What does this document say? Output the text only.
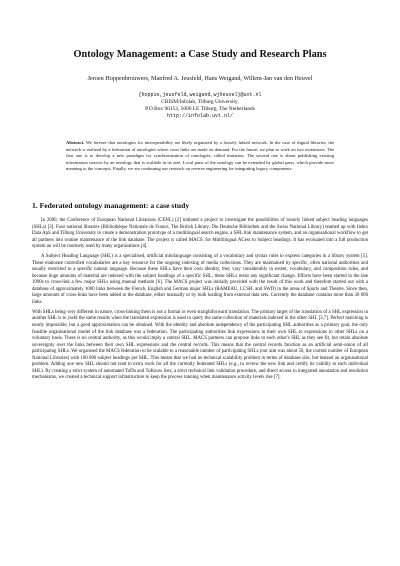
Ontology Management: a Case Study and Research Plans
Jeroen Hoppenbrouwers, Manfred A. Jeusfeld, Hans Weigand, Willem-Jan van den Heuvel
{hoppie,jeusfeld,weigand,wjheuvel}@uvt.nl
CRISM/Infolab, Tilburg University,
P.O.Box 90153, 5000 LE Tilburg, The Netherlands
http://infolab.uvt.nl/
Abstract. We foresee that ontologies for interoperability are likely organized by a loosely linked network. In the case of digital libraries, the network is realized by a federation of ontologies where cross links are made on demand. For the future, we plan to work on two extensions. The first one is to develop a new paradigm for synchronization of ontologies, called imitation. The second one is about publishing existing information sources by an ontology that is scalable in its size. Local parts of the ontology can be extended by global parts, which provide more meaning to the concepts. Finally, we are continuing our research on reverse engineering for integrating legacy components.
1. Federated ontology management: a case study

In 2000, the Conference of European National Librarians (CENL) [2] initiated a project to investigate the possibilities of loosely linked subject heading languages (SHLs) [3]. Four national libraries (Bibliothèque Nationale de France, The British Library, Die Deutsche Bibliothek and the Swiss National Library) teamed up with Index Data ApS and Tilburg University to create a demonstration prototype of a multilingual search engine, a SHL link maintenance system, and an organisational workflow to get all partners into routine maintenance of the link database. The project is called MACS, for Multilingual ACess to Subject headings. It has evoluated into a full production system an will be routinely used by many organisations [4].

A Subject Heading Language (SHL) is a specialised, artificial minilanguage consisting of a vocabulary and syntax rules to express categories in a library system [5]. These elaborate controlled vocabularies are a key resource for the ongoing indexing of media collections. They are maintained by specific, often national authorities and usually restricted to a specific natural language. Because these SHLs have their own identity, they vary considerably in extent, vocabulary, and composition rules, and because huge amounts of material are indexed with the subject headings of a specific SHL, these SHLs resist any significant change. Efforts have been started in the late 1990s to cross-link a few major SHLs using manual methods [6]. The MACS project was initially provided with the result of this work and therefore started out with a database of approximately 1000 links between the French, English and German major SHLs (RAMEAU, LCSH, and SWD) in the areas of Sports and Theatre. Since then, large amounts of cross-links have been added to the database, either manually or by bulk loading from external data sets. Currently the database contains more than 30 000 links.

With SHLs being very different in nature, cross-linking them is not a formal or even straightforward translation. The primary target of the translation of a SHL expression in another SHL is to yield the same results when the translated expression is used to query the same collection of materials indexed in the other SHL [3,7]. Perfect matching is nearly impossible, but a good approximation can be obtained. With the identity and absolute independency of the participating SHL authorities as a primary goal, the only feasible organisational model of the link database was a federation. The participating authorities link expressions in their own SHL to expressions in other SHLs on a voluntary basis. There is no central authority, as this would imply a central SHL. MACS partners can propose links to each other's SHL as they see fit, but retain absolute sovereignty over the links between their own SHL expressions and the central records. This means that the central records function as an artificial semi-union of all participating SHLs. We organised the MACS federation to be scalable to a reasonable number of participating SHLs (our aim was about 50, the current number of European National Libraries) with 100 000 subject headings per SHL. This meant that we had no technical scalability problem in terms of database size, but instead an organisational problem. Adding one new SHL should not lead to extra work for all the currently federated SHLs (e.g., to review the new link and certify its validity to each individual SHL). By creating a strict system of automated ToDo and ToKnow lists, a strict technical link validation procedure, and direct access to integrated annotation and resolution mechanisms, we created a technical support infrastructure to keep the process running when maintenance activity levels rise [7].
